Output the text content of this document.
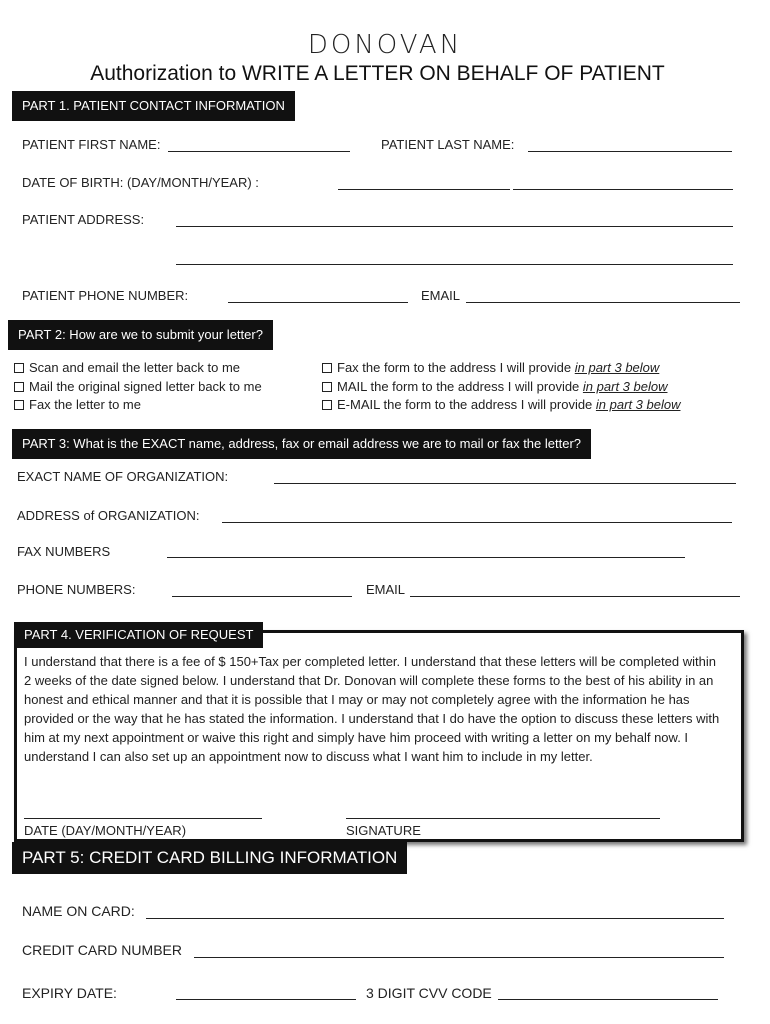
DONOVAN
Authorization to WRITE A LETTER ON BEHALF OF PATIENT
PART 1. PATIENT CONTACT INFORMATION
PATIENT FIRST NAME:	PATIENT LAST NAME:
DATE OF BIRTH: (DAY/MONTH/YEAR) :
PATIENT ADDRESS:
PATIENT PHONE NUMBER:	EMAIL
PART 2: How are we to submit your letter?
Scan and email the letter back to me
Mail the original signed letter back to me
Fax the letter to me
Fax the form to the address I will provide in part 3 below
MAIL the form to the address I will provide in part 3 below
E-MAIL the form to the address I will provide in part 3 below
PART 3: What is the EXACT name, address, fax or email address we are to mail or fax the letter?
EXACT NAME OF ORGANIZATION:
ADDRESS of ORGANIZATION:
FAX NUMBERS
PHONE NUMBERS:	EMAIL
PART 4. VERIFICATION OF REQUEST
I understand that there is a fee of $ 150+Tax per completed letter. I understand that these letters will be completed within 2 weeks of the date signed below. I understand that Dr. Donovan will complete these forms to the best of his ability in an honest and ethical manner and that it is possible that I may or may not completely agree with the information he has provided or the way that he has stated the information. I understand that I do have the option to discuss these letters with him at my next appointment or waive this right and simply have him proceed with writing a letter on my behalf now. I understand I can also set up an appointment now to discuss what I want him to include in my letter.
DATE (DAY/MONTH/YEAR)	SIGNATURE
PART 5: CREDIT CARD BILLING INFORMATION
NAME ON CARD:
CREDIT CARD NUMBER
EXPIRY DATE:	3 DIGIT CVV CODE
